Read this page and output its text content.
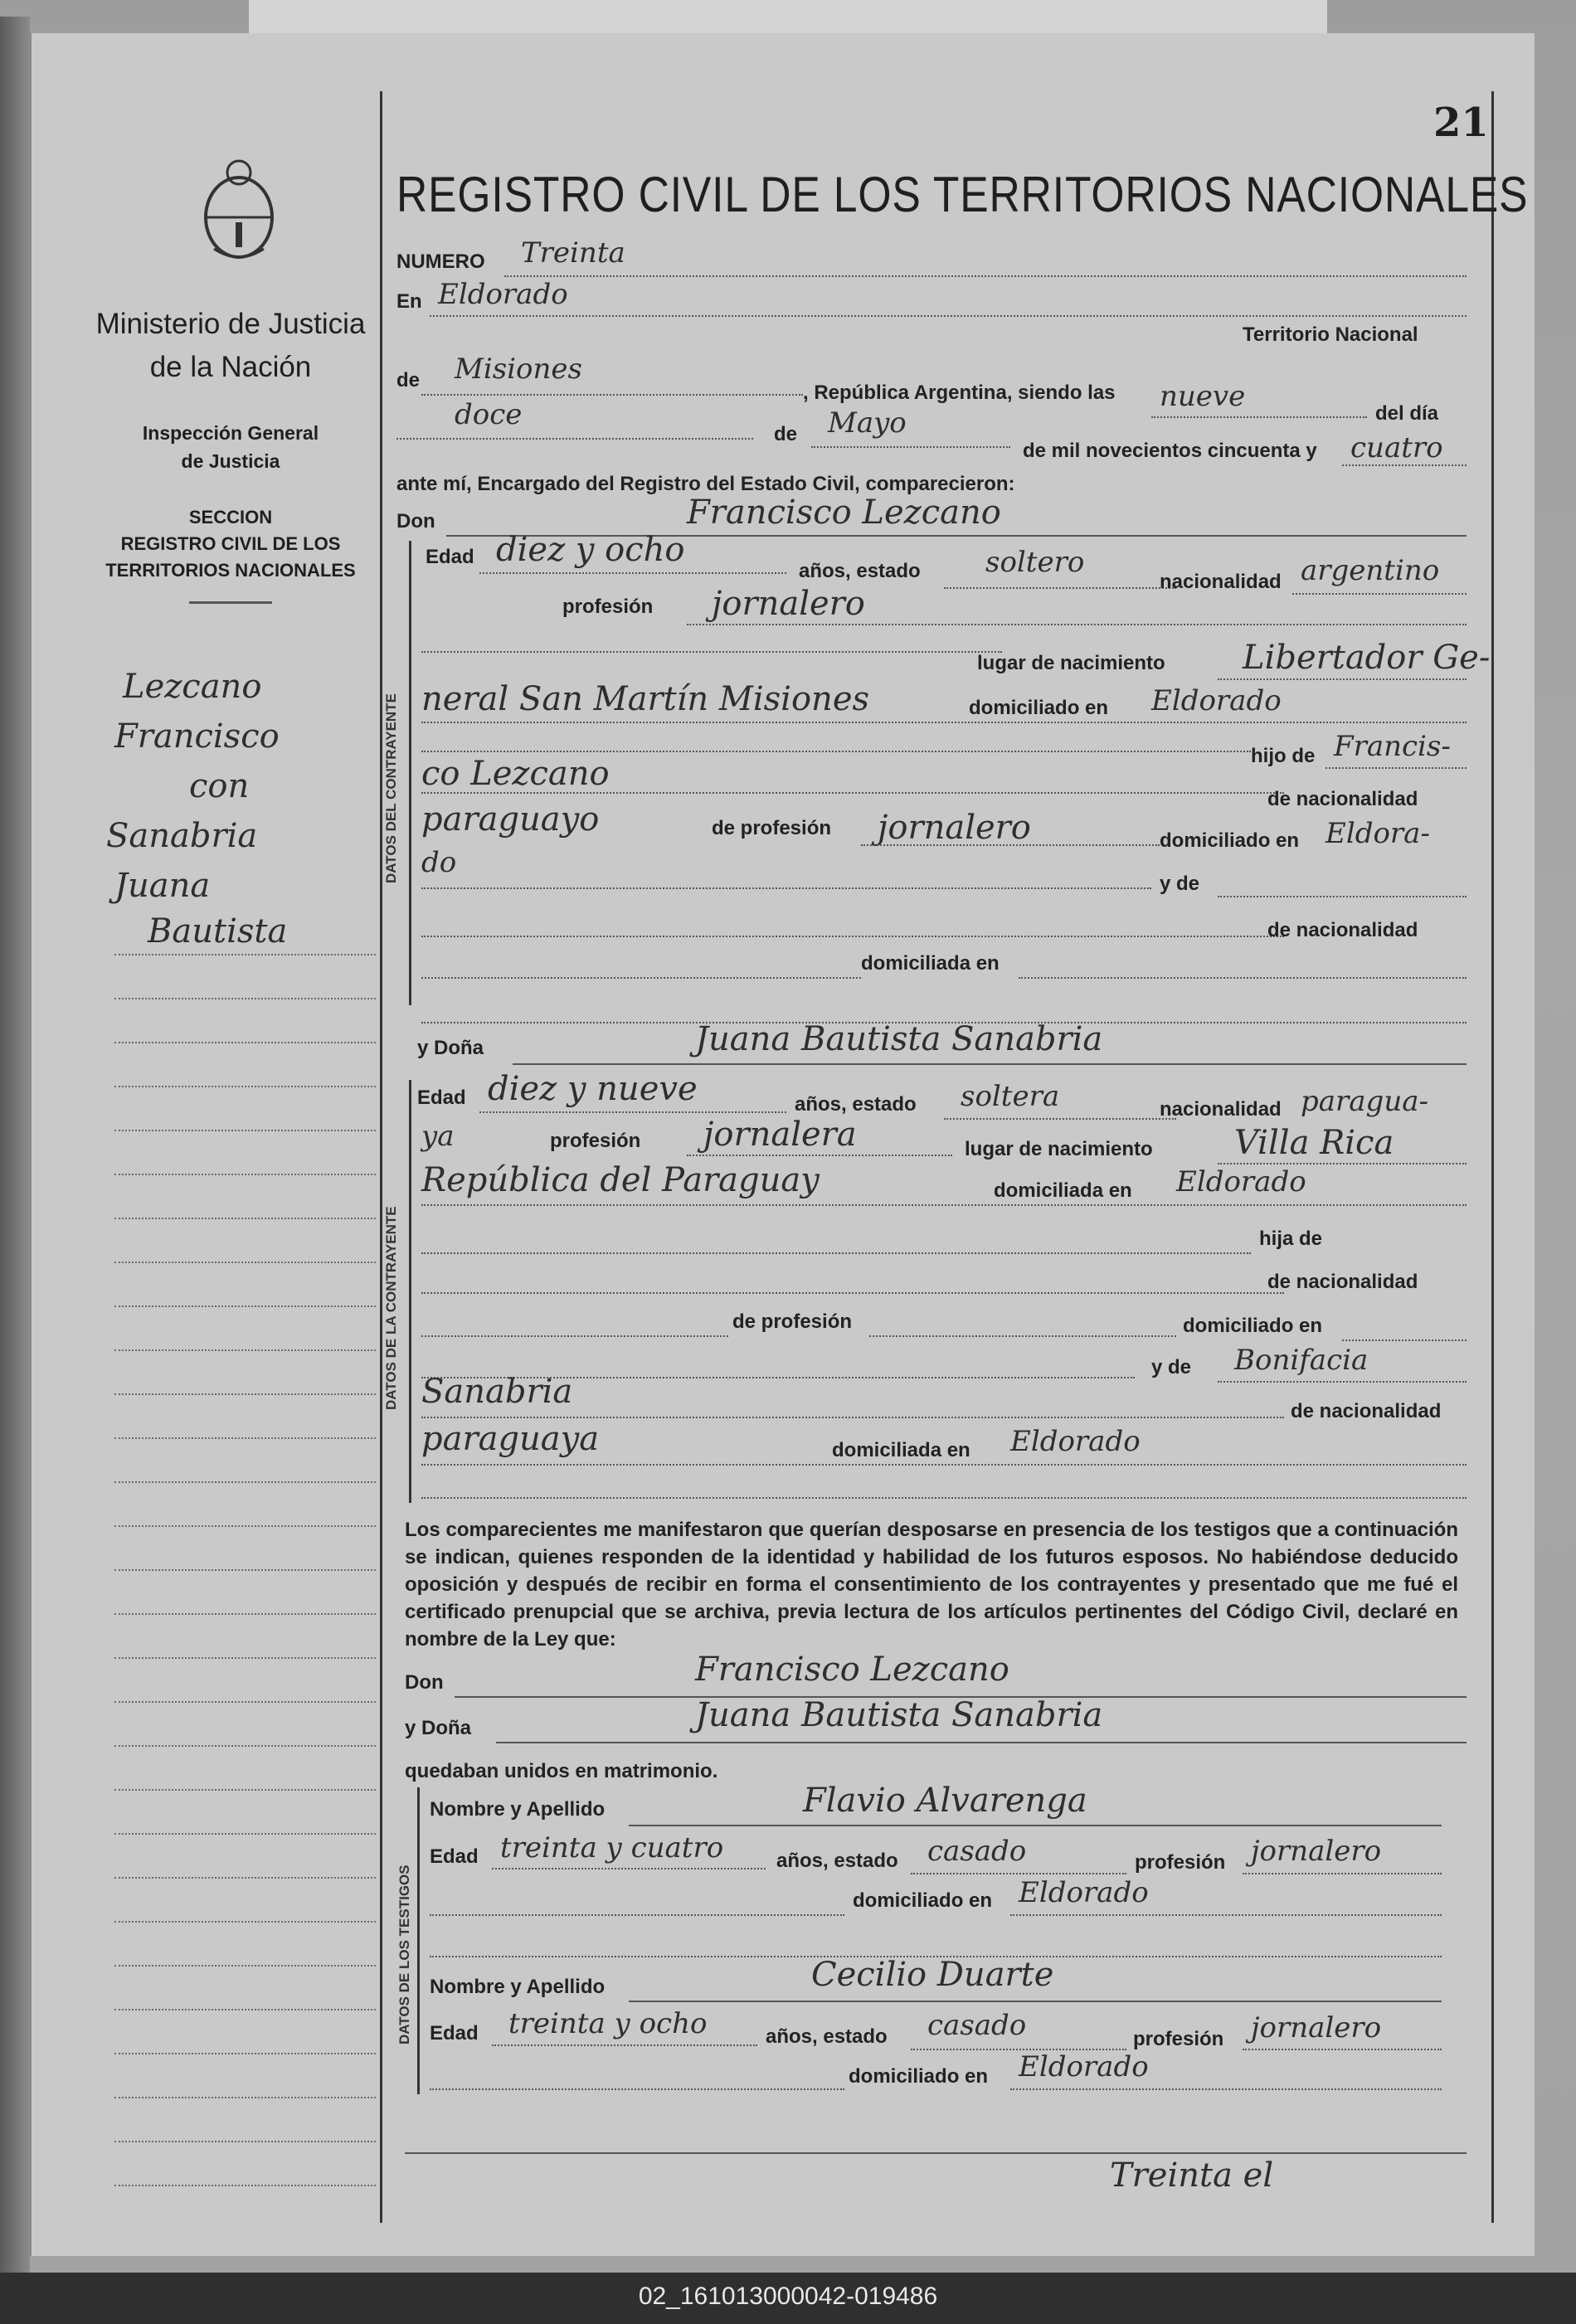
21
Ministerio de Justicia
de la Nación
Inspección General
de Justicia
SECCION
REGISTRO CIVIL DE LOS
TERRITORIOS NACIONALES
Lezcano
Francisco
con
Sanabria
Juana
Bautista
REGISTRO CIVIL DE LOS TERRITORIOS NACIONALES
NUMERO Treinta
En Eldorado
Territorio Nacional
de Misiones
, República Argentina, siendo las nueve
del día
doce
de Mayo
de mil novecientos cincuenta y cuatro
ante mí, Encargado del Registro del Estado Civil, comparecieron:
Don	Francisco Lezcano
DATOS DEL CONTRAYENTE
Edad diez y ocho
años, estado soltero
nacionalidad argentino
profesión jornalero
lugar de nacimiento Libertador Ge-
neral San Martín Misiones	domiciliado en Eldorado
hijo de Francis-
co Lezcano
de nacionalidad
paraguayo	de profesión jornalero	domiciliado en Eldora-
do
y de
de nacionalidad
domiciliada en
y Doña	Juana Bautista Sanabria
DATOS DE LA CONTRAYENTE
Edad diez y nueve	años, estado soltera	nacionalidad paragua-
ya	profesión jornalera	lugar de nacimiento Villa Rica
República del Paraguay	domiciliada en Eldorado
hija de
de nacionalidad
de profesión	domiciliado en
y de Bonifacia
Sanabria
de nacionalidad
paraguaya	domiciliada en Eldorado
Los comparecientes me manifestaron que querían desposarse en presencia de los testigos que a continuación se indican, quienes responden de la identidad y habilidad de los futuros esposos. No habiéndose deducido oposición y después de recibir en forma el consentimiento de los contrayentes y presentado que me fué el certificado prenupcial que se archiva, previa lectura de los artículos pertinentes del Código Civil, declaré en nombre de la Ley que:
Don	Francisco Lezcano
y Doña	Juana Bautista Sanabria
quedaban unidos en matrimonio.
DATOS DE LOS TESTIGOS
Nombre y Apellido	Flavio Alvarenga
Edad treinta y cuatro	años, estado casado	profesión jornalero
domiciliado en Eldorado
Nombre y Apellido	Cecilio Duarte
Edad treinta y ocho	años, estado casado	profesión jornalero
domiciliado en Eldorado
Treinta el
02_161013000042-019486
